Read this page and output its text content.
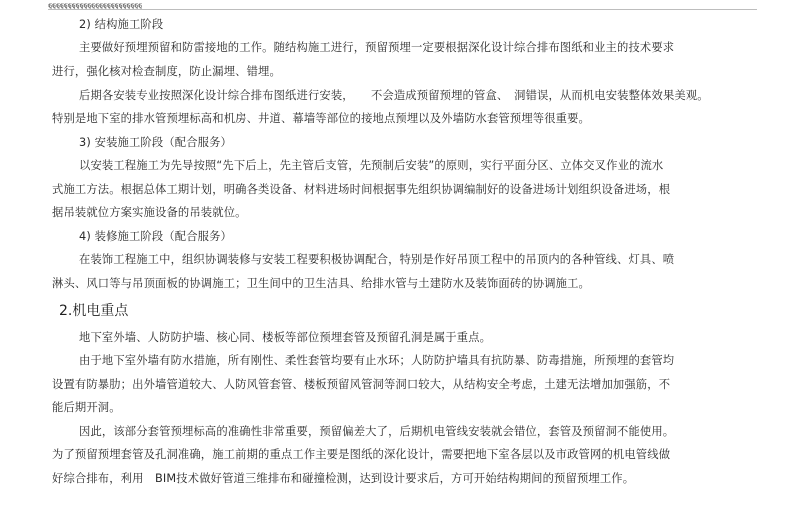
ฐฐฐฐฐฐฐฐฐฐฐฐฐฐฐฐฐฐฐฐฐฐฐฐ
2) 结构施工阶段
主要做好预埋预留和防雷接地的工作。随结构施工进行，预留预埋一定要根据深化设计综合排布图纸和业主的技术要求
进行，强化核对检查制度，防止漏埋、错埋。
后期各安装专业按照深化设计综合排布图纸进行安装，　　不会造成预留预埋的管盒、　洞错误，从而机电安装整体效果美观。
特别是地下室的排水管预埋标高和机房、井道、幕墙等部位的接地点预埋以及外墙防水套管预埋等很重要。
3) 安装施工阶段（配合服务）
以安装工程施工为先导按照“先下后上，先主管后支管，先预制后安装”的原则，实行平面分区、立体交叉作业的流水
式施工方法。根据总体工期计划，明确各类设备、材料进场时间根据事先组织协调编制好的设备进场计划组织设备进场，根
据吊装就位方案实施设备的吊装就位。
4) 装修施工阶段（配合服务）
在装饰工程施工中，组织协调装修与安装工程要积极协调配合，特别是作好吊顶工程中的吊顶内的各种管线、灯具、喷
淋头、风口等与吊顶面板的协调施工；卫生间中的卫生洁具、给排水管与土建防水及装饰面砖的协调施工。
2.机电重点
地下室外墙、人防防护墙、核心同、楼板等部位预埋套管及预留孔洞是属于重点。
由于地下室外墙有防水措施，所有刚性、柔性套管均要有止水环；人防防护墙具有抗防暴、防毒措施，所预埋的套管均
设置有防暴肋；出外墙管道较大、人防风管套管、楼板预留风管洞等洞口较大，从结构安全考虑，土建无法增加加强筋，不
能后期开洞。
因此，该部分套管预埋标高的准确性非常重要，预留偏差大了，后期机电管线安装就会错位，套管及预留洞不能使用。
为了预留预埋套管及孔洞准确，施工前期的重点工作主要是图纸的深化设计，需要把地下室各层以及市政管网的机电管线做
好综合排布，利用　BIM技术做好管道三维排布和碰撞检测，达到设计要求后，方可开始结构期间的预留预埋工作。
